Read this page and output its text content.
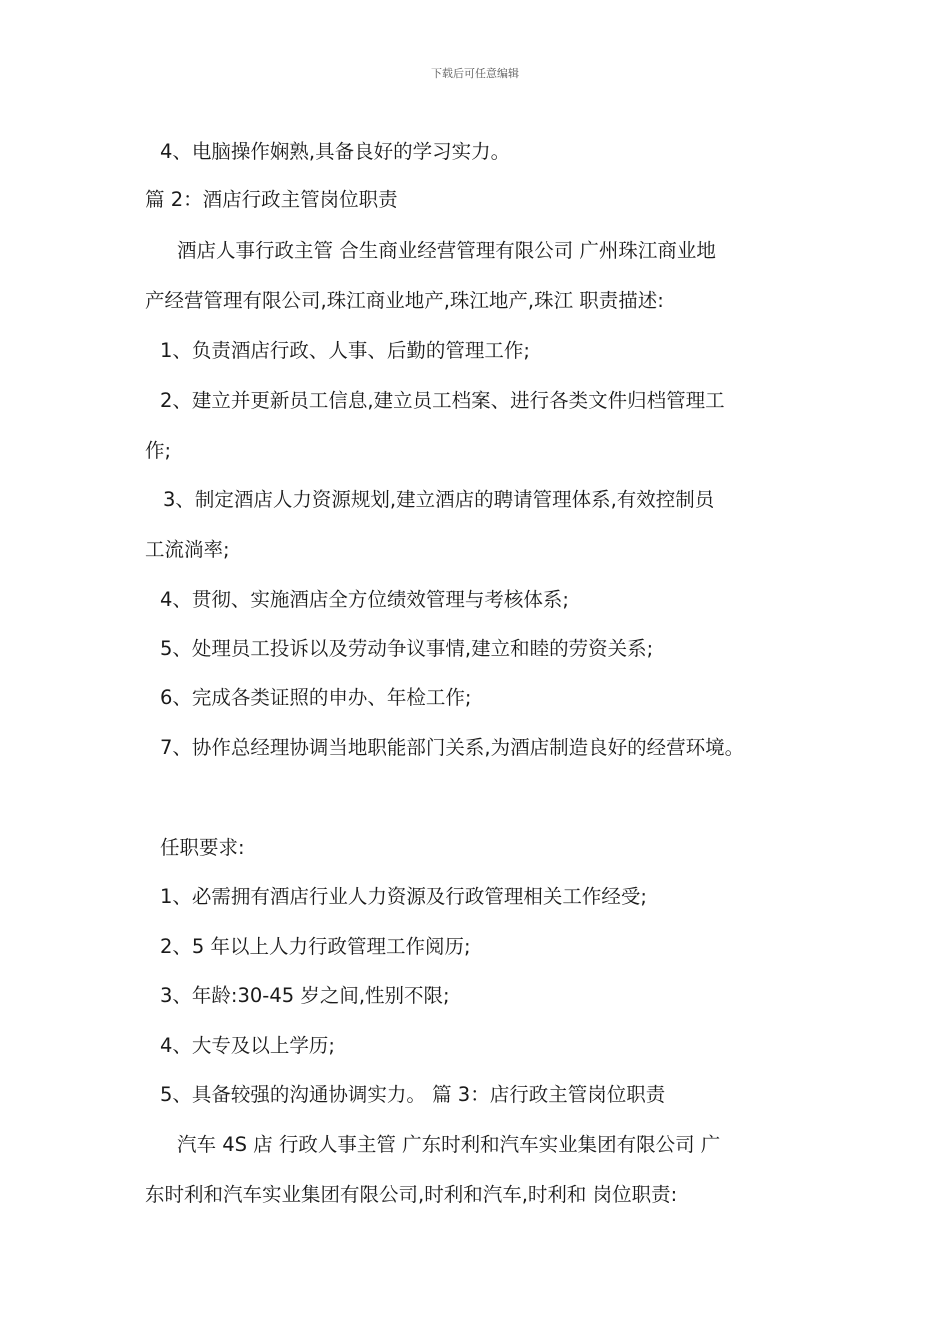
下载后可任意编辑
4、电脑操作娴熟,具备良好的学习实力。
篇 2：酒店行政主管岗位职责
酒店人事行政主管 合生商业经营管理有限公司 广州珠江商业地
产经营管理有限公司,珠江商业地产,珠江地产,珠江 职责描述:
1、负责酒店行政、人事、后勤的管理工作;
2、建立并更新员工信息,建立员工档案、进行各类文件归档管理工
作;
3、制定酒店人力资源规划,建立酒店的聘请管理体系,有效控制员
工流淌率;
4、贯彻、实施酒店全方位绩效管理与考核体系;
5、处理员工投诉以及劳动争议事情,建立和睦的劳资关系;
6、完成各类证照的申办、年检工作;
7、协作总经理协调当地职能部门关系,为酒店制造良好的经营环境。
任职要求:
1、必需拥有酒店行业人力资源及行政管理相关工作经受;
2、5 年以上人力行政管理工作阅历;
3、年龄:30-45 岁之间,性别不限;
4、大专及以上学历;
5、具备较强的沟通协调实力。 篇 3：店行政主管岗位职责
汽车 4S 店 行政人事主管 广东时利和汽车实业集团有限公司 广
东时利和汽车实业集团有限公司,时利和汽车,时利和 岗位职责:
